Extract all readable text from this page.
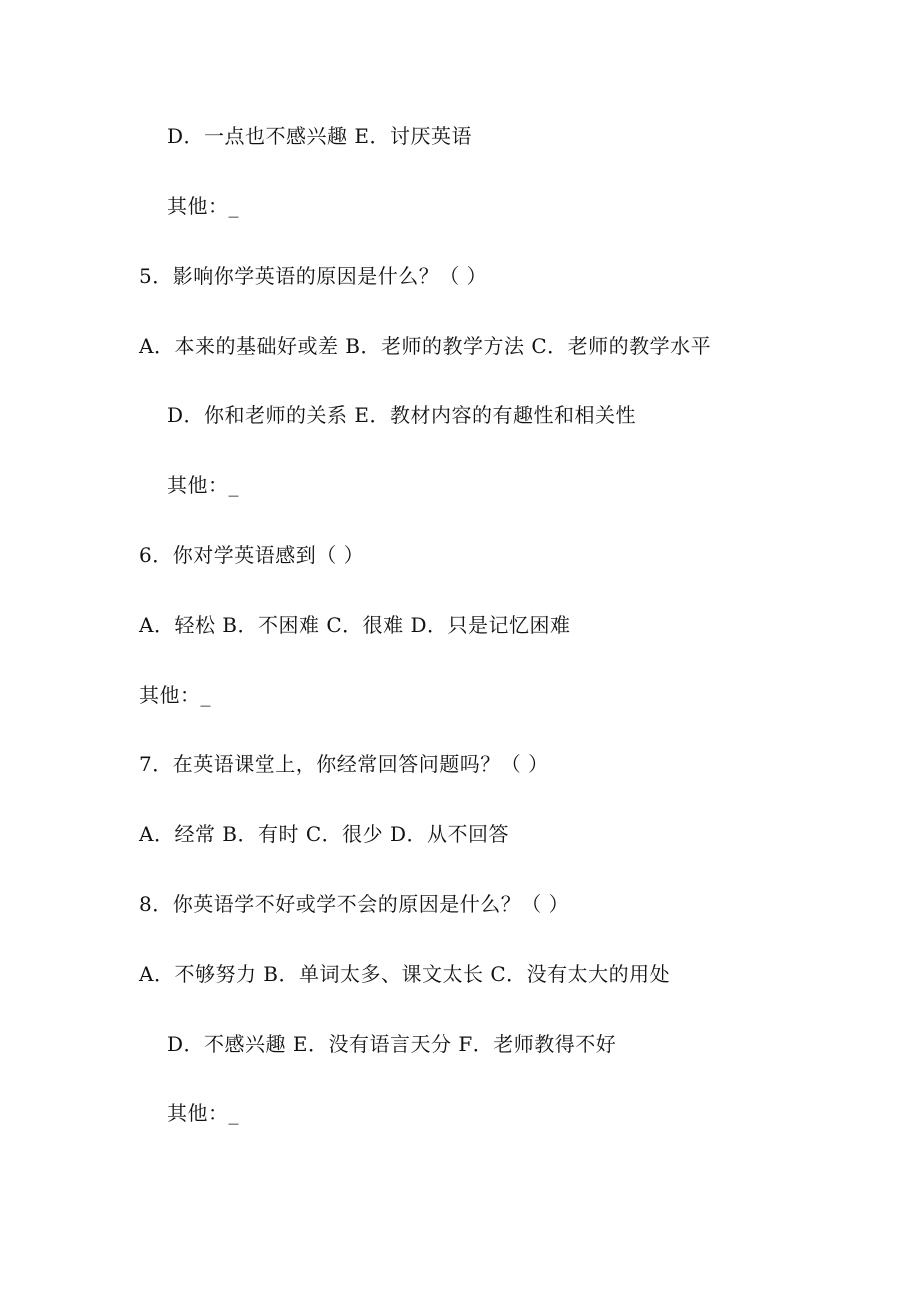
D．一点也不感兴趣 E．讨厌英语
其他：_
5．影响你学英语的原因是什么？（ ）
A．本来的基础好或差 B．老师的教学方法 C．老师的教学水平
D．你和老师的关系 E．教材内容的有趣性和相关性
其他：_
6．你对学英语感到（ ）
A．轻松 B．不困难 C．很难 D．只是记忆困难
其他：_
7．在英语课堂上，你经常回答问题吗？（ ）
A．经常 B．有时 C．很少 D．从不回答
8．你英语学不好或学不会的原因是什么？（ ）
A．不够努力 B．单词太多、课文太长 C．没有太大的用处
D．不感兴趣 E．没有语言天分 F．老师教得不好
其他：_
